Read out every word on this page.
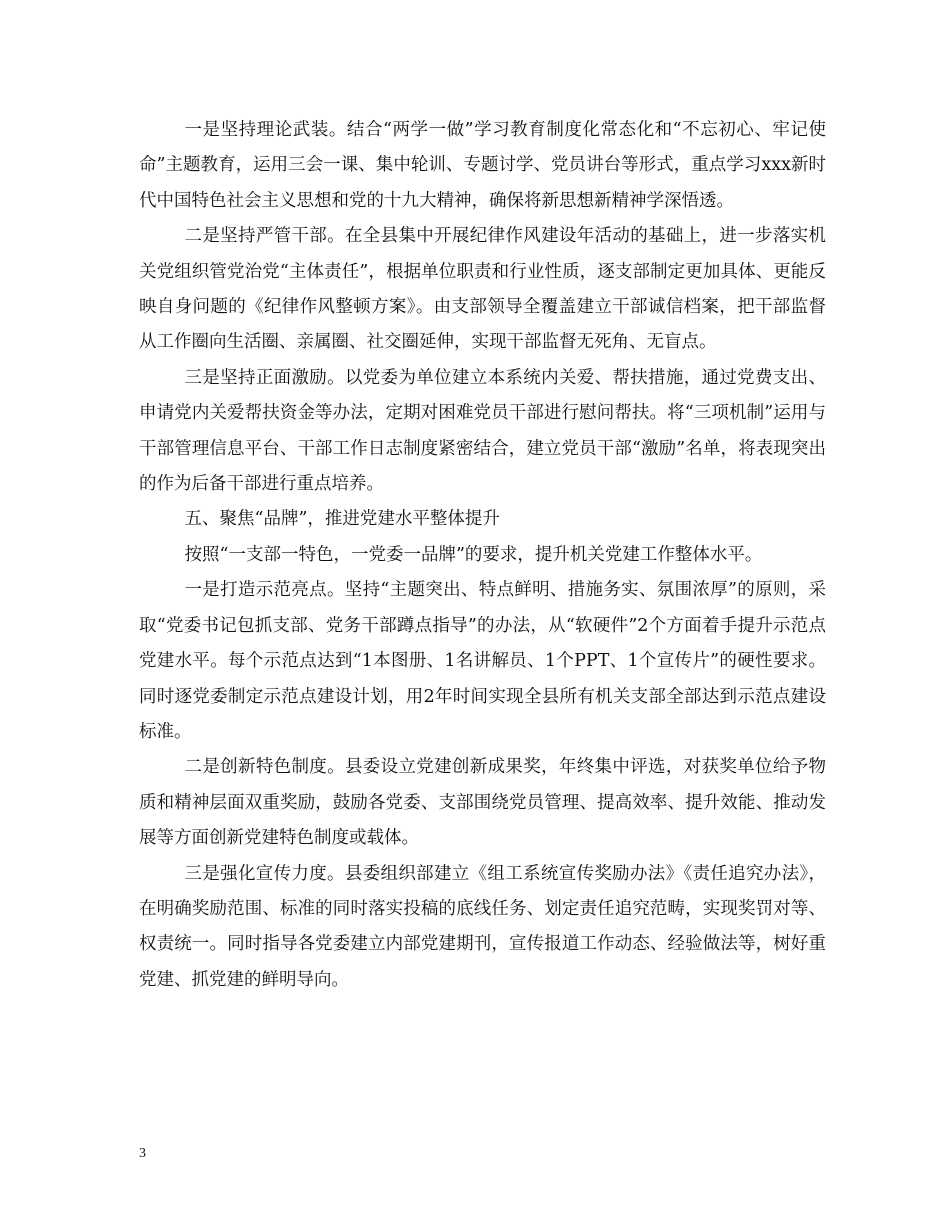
一是坚持理论武装。结合“两学一做”学习教育制度化常态化和“不忘初心、牢记使命”主题教育，运用三会一课、集中轮训、专题讨学、党员讲台等形式，重点学习xxx新时代中国特色社会主义思想和党的十九大精神，确保将新思想新精神学深悟透。

二是坚持严管干部。在全县集中开展纪律作风建设年活动的基础上，进一步落实机关党组织管党治党“主体责任”，根据单位职责和行业性质，逐支部制定更加具体、更能反映自身问题的《纪律作风整顿方案》。由支部领导全覆盖建立干部诚信档案，把干部监督从工作圈向生活圈、亲属圈、社交圈延伸，实现干部监督无死角、无盲点。

三是坚持正面激励。以党委为单位建立本系统内关爱、帮扶措施，通过党费支出、申请党内关爱帮扶资金等办法，定期对困难党员干部进行慰问帮扶。将“三项机制”运用与干部管理信息平台、干部工作日志制度紧密结合，建立党员干部“激励”名单，将表现突出的作为后备干部进行重点培养。

五、聚焦“品牌”，推进党建水平整体提升

按照“一支部一特色，一党委一品牌”的要求，提升机关党建工作整体水平。

一是打造示范亮点。坚持“主题突出、特点鲜明、措施务实、氛围浓厚”的原则，采取“党委书记包抓支部、党务干部蹲点指导”的办法，从“软硬件”2个方面着手提升示范点党建水平。每个示范点达到“1本图册、1名讲解员、1个PPT、1个宣传片”的硬性要求。同时逐党委制定示范点建设计划，用2年时间实现全县所有机关支部全部达到示范点建设标准。

二是创新特色制度。县委设立党建创新成果奖，年终集中评选，对获奖单位给予物质和精神层面双重奖励，鼓励各党委、支部围绕党员管理、提高效率、提升效能、推动发展等方面创新党建特色制度或载体。

三是强化宣传力度。县委组织部建立《组工系统宣传奖励办法》《责任追究办法》，在明确奖励范围、标准的同时落实投稿的底线任务、划定责任追究范畴，实现奖罚对等、权责统一。同时指导各党委建立内部党建期刊，宣传报道工作动态、经验做法等，树好重党建、抓党建的鲜明导向。

3
